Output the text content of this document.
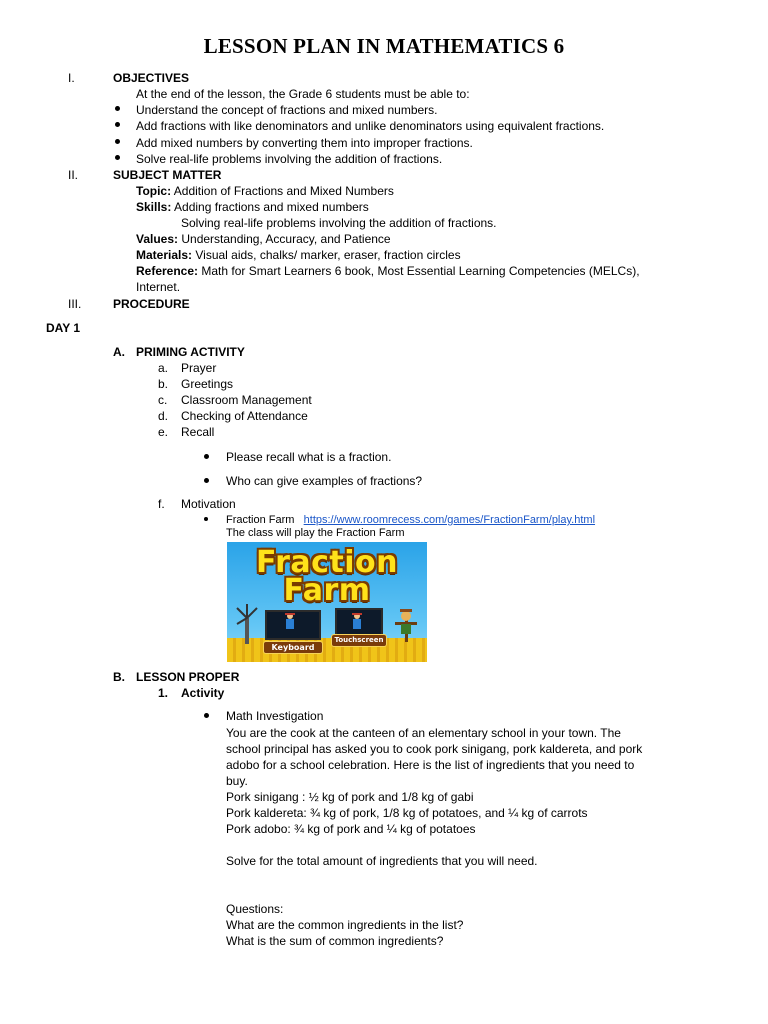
LESSON PLAN IN MATHEMATICS 6
I.	OBJECTIVES
At the end of the lesson, the Grade 6 students must be able to:
Understand the concept of fractions and mixed numbers.
Add fractions with like denominators and unlike denominators using equivalent fractions.
Add mixed numbers by converting them into improper fractions.
Solve real-life problems involving the addition of fractions.
II.	SUBJECT MATTER
Topic: Addition of Fractions and Mixed Numbers
Skills: Adding fractions and mixed numbers
Solving real-life problems involving the addition of fractions.
Values: Understanding, Accuracy, and Patience
Materials: Visual aids, chalks/ marker, eraser, fraction circles
Reference: Math for Smart Learners 6 book, Most Essential Learning Competencies (MELCs),
Internet.
III.	PROCEDURE
DAY 1
A. PRIMING ACTIVITY
a. Prayer
b. Greetings
c. Classroom Management
d. Checking of Attendance
e. Recall
Please recall what is a fraction.
Who can give examples of fractions?
f. Motivation
Fraction Farm https://www.roomrecess.com/games/FractionFarm/play.html
The class will play the Fraction Farm
Fraction
Farm
Keyboard
Touchscreen
B. LESSON PROPER
1. Activity
Math Investigation
You are the cook at the canteen of an elementary school in your town. The
school principal has asked you to cook pork sinigang, pork kaldereta, and pork
adobo for a school celebration. Here is the list of ingredients that you need to
buy.
Pork sinigang : ½ kg of pork and 1/8 kg of gabi
Pork kaldereta: ¾ kg of pork, 1/8 kg of potatoes, and ¼ kg of carrots
Pork adobo: ¾ kg of pork and ¼ kg of potatoes
Solve for the total amount of ingredients that you will need.
Questions:
What are the common ingredients in the list?
What is the sum of common ingredients?
